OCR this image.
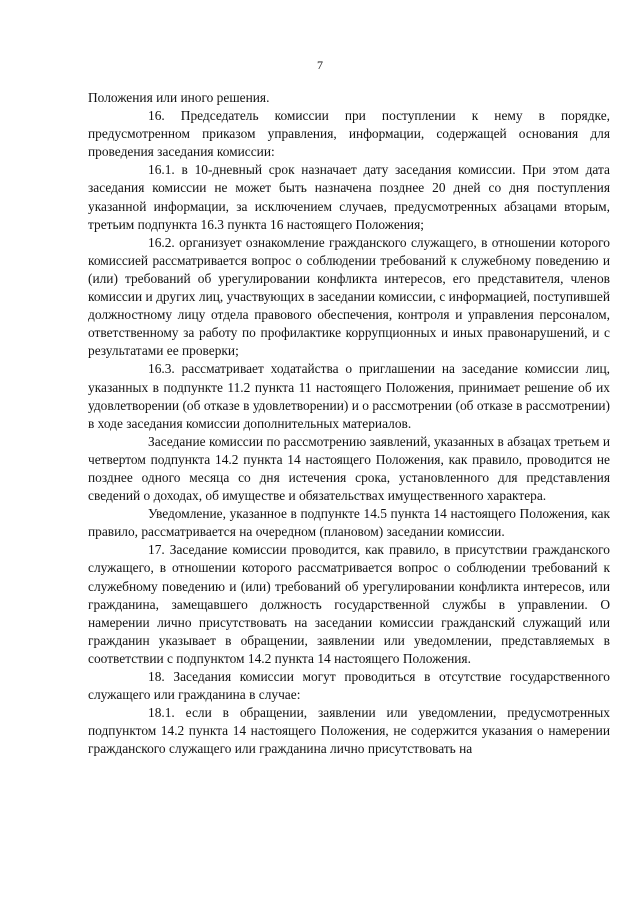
7

Положения или иного решения.

16. Председатель комиссии при поступлении к нему в порядке, предусмотренном приказом управления, информации, содержащей основания для проведения заседания комиссии:

16.1. в 10-дневный срок назначает дату заседания комиссии. При этом дата заседания комиссии не может быть назначена позднее 20 дней со дня поступления указанной информации, за исключением случаев, предусмотренных абзацами вторым, третьим подпункта 16.3 пункта 16 настоящего Положения;

16.2. организует ознакомление гражданского служащего, в отношении которого комиссией рассматривается вопрос о соблюдении требований к служебному поведению и (или) требований об урегулировании конфликта интересов, его представителя, членов комиссии и других лиц, участвующих в заседании комиссии, с информацией, поступившей должностному лицу отдела правового обеспечения, контроля и управления персоналом, ответственному за работу по профилактике коррупционных и иных правонарушений, и с результатами ее проверки;

16.3. рассматривает ходатайства о приглашении на заседание комиссии лиц, указанных в подпункте 11.2 пункта 11 настоящего Положения, принимает решение об их удовлетворении (об отказе в удовлетворении) и о рассмотрении (об отказе в рассмотрении) в ходе заседания комиссии дополнительных материалов.

Заседание комиссии по рассмотрению заявлений, указанных в абзацах третьем и четвертом подпункта 14.2 пункта 14 настоящего Положения, как правило, проводится не позднее одного месяца со дня истечения срока, установленного для представления сведений о доходах, об имуществе и обязательствах имущественного характера.

Уведомление, указанное в подпункте 14.5 пункта 14 настоящего Положения, как правило, рассматривается на очередном (плановом) заседании комиссии.

17. Заседание комиссии проводится, как правило, в присутствии гражданского служащего, в отношении которого рассматривается вопрос о соблюдении требований к служебному поведению и (или) требований об урегулировании конфликта интересов, или гражданина, замещавшего должность государственной службы в управлении. О намерении лично присутствовать на заседании комиссии гражданский служащий или гражданин указывает в обращении, заявлении или уведомлении, представляемых в соответствии с подпунктом 14.2 пункта 14 настоящего Положения.

18. Заседания комиссии могут проводиться в отсутствие государственного служащего или гражданина в случае:

18.1. если в обращении, заявлении или уведомлении, предусмотренных подпунктом 14.2 пункта 14 настоящего Положения, не содержится указания о намерении гражданского служащего или гражданина лично присутствовать на
